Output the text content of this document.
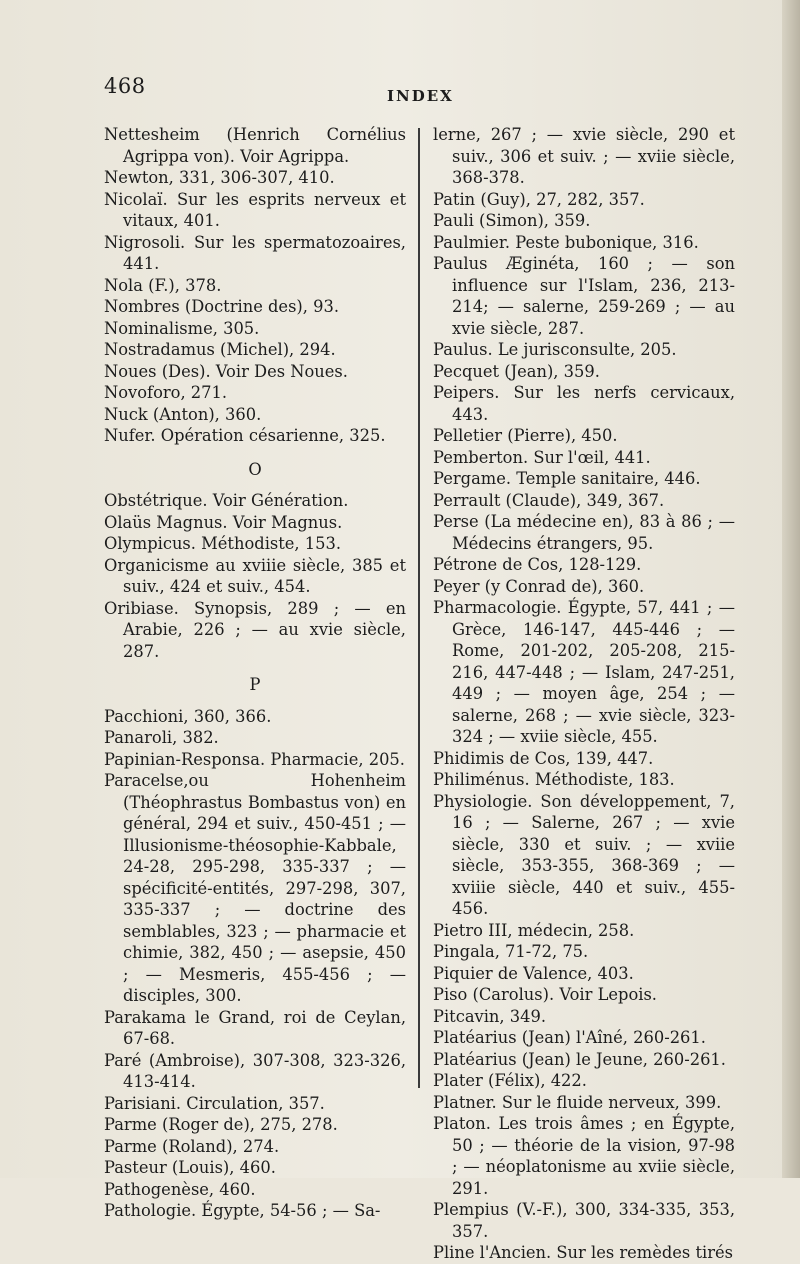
468	INDEX
Nettesheim (Henrich Cornélius Agrippa von). Voir Agrippa.
Newton, 331, 306-307, 410.
Nicolaï. Sur les esprits nerveux et vitaux, 401.
Nigrosoli. Sur les spermatozoaires, 441.
Nola (F.), 378.
Nombres (Doctrine des), 93.
Nominalisme, 305.
Nostradamus (Michel), 294.
Noues (Des). Voir Des Noues.
Novoforo, 271.
Nuck (Anton), 360.
Nufer. Opération césarienne, 325.
O
Obstétrique. Voir Génération.
Olaüs Magnus. Voir Magnus.
Olympicus. Méthodiste, 153.
Organicisme au xviiie siècle, 385 et suiv., 424 et suiv., 454.
Oribiase. Synopsis, 289 ; — en Arabie, 226 ; — au xvie siècle, 287.
P
Pacchioni, 360, 366.
Panaroli, 382.
Papinian-Responsa. Pharmacie, 205.
Paracelse,ou Hohenheim (Théophrastus Bombastus von) en général, 294 et suiv., 450-451 ; — Illusionisme-théosophie-Kabbale, 24-28, 295-298, 335-337 ; — spécificité-entités, 297-298, 307, 335-337 ; — doctrine des semblables, 323 ; — pharmacie et chimie, 382, 450 ; — asepsie, 450 ; — Mesmeris, 455-456 ; — disciples, 300.
Parakama le Grand, roi de Ceylan, 67-68.
Paré (Ambroise), 307-308, 323-326, 413-414.
Parisiani. Circulation, 357.
Parme (Roger de), 275, 278.
Parme (Roland), 274.
Pasteur (Louis), 460.
Pathogenèse, 460.
Pathologie. Égypte, 54-56 ; — Sa-
lerne, 267 ; — xvie siècle, 290 et suiv., 306 et suiv. ; — xviie siècle, 368-378.
Patin (Guy), 27, 282, 357.
Pauli (Simon), 359.
Paulmier. Peste bubonique, 316.
Paulus Æginéta, 160 ; — son influence sur l'Islam, 236, 213-214; — salerne, 259-269 ; — au xvie siècle, 287.
Paulus. Le jurisconsulte, 205.
Pecquet (Jean), 359.
Peipers. Sur les nerfs cervicaux, 443.
Pelletier (Pierre), 450.
Pemberton. Sur l'œil, 441.
Pergame. Temple sanitaire, 446.
Perrault (Claude), 349, 367.
Perse (La médecine en), 83 à 86 ; — Médecins étrangers, 95.
Pétrone de Cos, 128-129.
Peyer (y Conrad de), 360.
Pharmacologie. Égypte, 57, 441 ; — Grèce, 146-147, 445-446 ; — Rome, 201-202, 205-208, 215-216, 447-448 ; — Islam, 247-251, 449 ; — moyen âge, 254 ; — salerne, 268 ; — xvie siècle, 323-324 ; — xviie siècle, 455.
Phidimis de Cos, 139, 447.
Philiménus. Méthodiste, 183.
Physiologie. Son développement, 7, 16 ; — Salerne, 267 ; — xvie siècle, 330 et suiv. ; — xviie siècle, 353-355, 368-369 ; — xviiie siècle, 440 et suiv., 455-456.
Pietro III, médecin, 258.
Pingala, 71-72, 75.
Piquier de Valence, 403.
Piso (Carolus). Voir Lepois.
Pitcavin, 349.
Platéarius (Jean) l'Aîné, 260-261.
Platéarius (Jean) le Jeune, 260-261.
Plater (Félix), 422.
Platner. Sur le fluide nerveux, 399.
Platon. Les trois âmes ; en Égypte, 50 ; — théorie de la vision, 97-98 ; — néoplatonisme au xviie siècle, 291.
Plempius (V.-F.), 300, 334-335, 353, 357.
Pline l'Ancien. Sur les remèdes tirés
